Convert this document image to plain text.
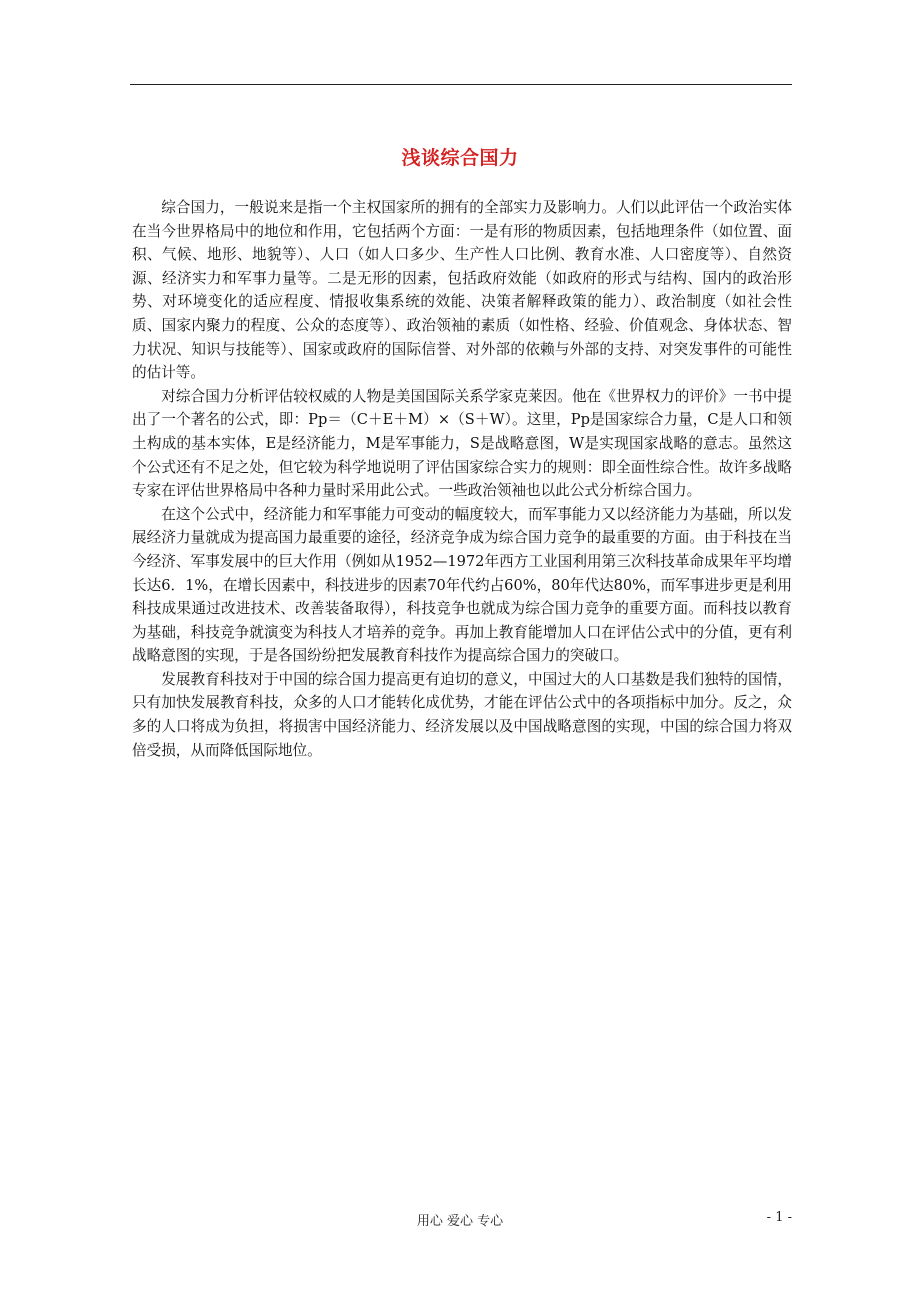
浅谈综合国力

综合国力，一般说来是指一个主权国家所的拥有的全部实力及影响力。人们以此评估一个政治实体在当今世界格局中的地位和作用，它包括两个方面：一是有形的物质因素，包括地理条件（如位置、面积、气候、地形、地貌等）、人口（如人口多少、生产性人口比例、教育水准、人口密度等）、自然资源、经济实力和军事力量等。二是无形的因素，包括政府效能（如政府的形式与结构、国内的政治形势、对环境变化的适应程度、情报收集系统的效能、决策者解释政策的能力）、政治制度（如社会性质、国家内聚力的程度、公众的态度等）、政治领袖的素质（如性格、经验、价值观念、身体状态、智力状况、知识与技能等）、国家或政府的国际信誉、对外部的依赖与外部的支持、对突发事件的可能性的估计等。

对综合国力分析评估较权威的人物是美国国际关系学家克莱因。他在《世界权力的评价》一书中提出了一个著名的公式，即：Pp＝（C＋E＋M）×（S＋W）。这里，Pp是国家综合力量，C是人口和领土构成的基本实体，E是经济能力，M是军事能力，S是战略意图，W是实现国家战略的意志。虽然这个公式还有不足之处，但它较为科学地说明了评估国家综合实力的规则：即全面性综合性。故许多战略专家在评估世界格局中各种力量时采用此公式。一些政治领袖也以此公式分析综合国力。

在这个公式中，经济能力和军事能力可变动的幅度较大，而军事能力又以经济能力为基础，所以发展经济力量就成为提高国力最重要的途径，经济竞争成为综合国力竞争的最重要的方面。由于科技在当今经济、军事发展中的巨大作用（例如从1952—1972年西方工业国利用第三次科技革命成果年平均增长达6．1%，在增长因素中，科技进步的因素70年代约占60%，80年代达80%，而军事进步更是利用科技成果通过改进技术、改善装备取得），科技竞争也就成为综合国力竞争的重要方面。而科技以教育为基础，科技竞争就演变为科技人才培养的竞争。再加上教育能增加人口在评估公式中的分值，更有利战略意图的实现，于是各国纷纷把发展教育科技作为提高综合国力的突破口。

发展教育科技对于中国的综合国力提高更有迫切的意义，中国过大的人口基数是我们独特的国情，只有加快发展教育科技，众多的人口才能转化成优势，才能在评估公式中的各项指标中加分。反之，众多的人口将成为负担，将损害中国经济能力、经济发展以及中国战略意图的实现，中国的综合国力将双倍受损，从而降低国际地位。

用心 爱心 专心	- 1 -
